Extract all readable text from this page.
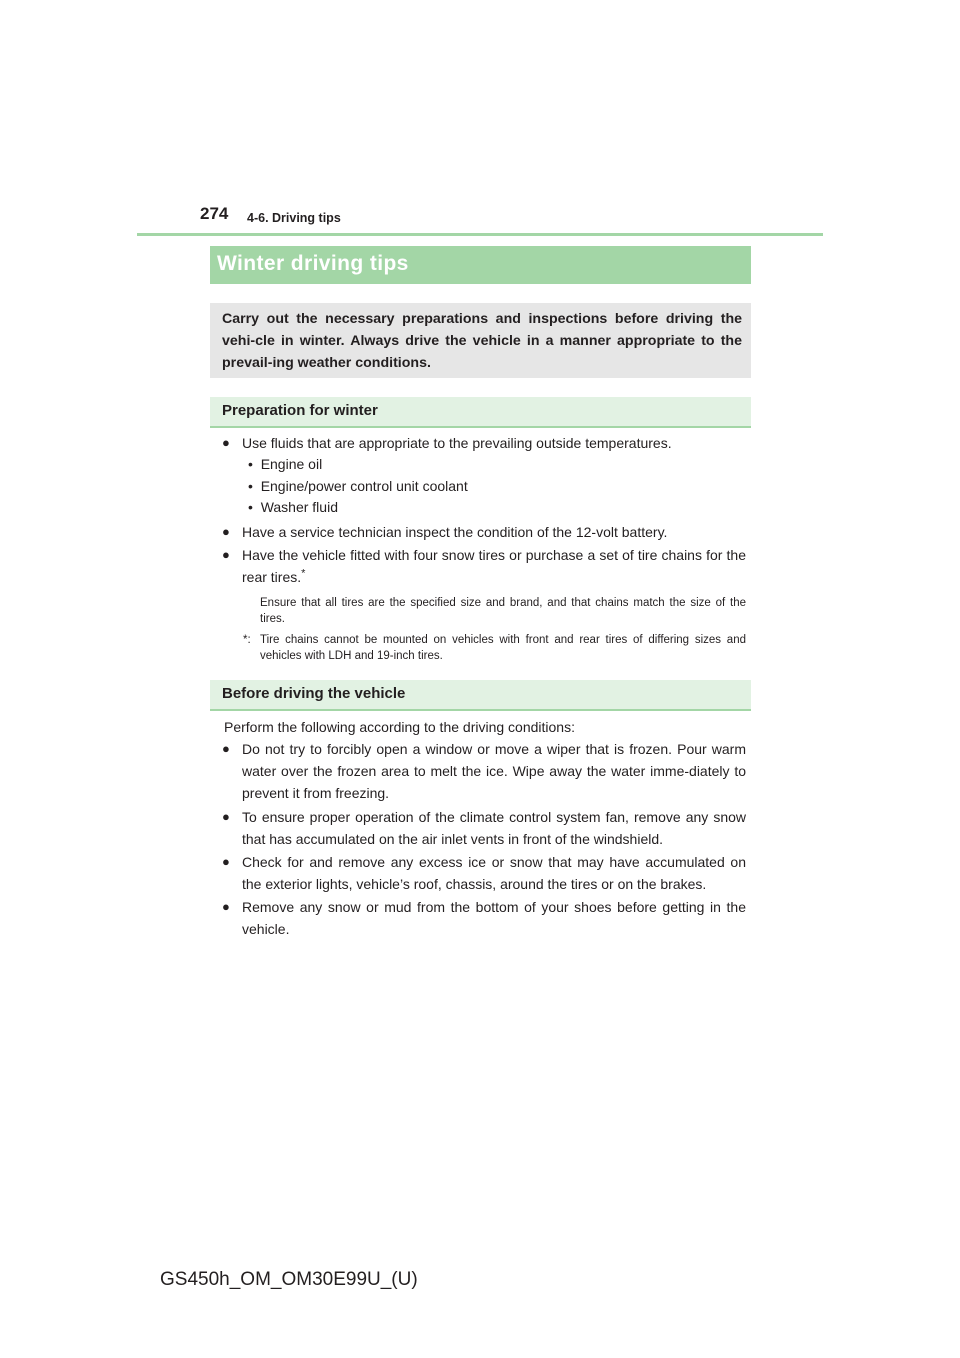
274 4-6. Driving tips
Winter driving tips

Carry out the necessary preparations and inspections before driving the vehi-cle in winter. Always drive the vehicle in a manner appropriate to the prevail-ing weather conditions.

Preparation for winter
● Use fluids that are appropriate to the prevailing outside temperatures.
• Engine oil
• Engine/power control unit coolant
• Washer fluid
● Have a service technician inspect the condition of the 12-volt battery.
● Have the vehicle fitted with four snow tires or purchase a set of tire chains for the rear tires.*
Ensure that all tires are the specified size and brand, and that chains match the size of the tires.
*: Tire chains cannot be mounted on vehicles with front and rear tires of differing sizes and vehicles with LDH and 19-inch tires.
Before driving the vehicle
Perform the following according to the driving conditions:
● Do not try to forcibly open a window or move a wiper that is frozen. Pour warm water over the frozen area to melt the ice. Wipe away the water imme-diately to prevent it from freezing.
● To ensure proper operation of the climate control system fan, remove any snow that has accumulated on the air inlet vents in front of the windshield.
● Check for and remove any excess ice or snow that may have accumulated on the exterior lights, vehicle’s roof, chassis, around the tires or on the brakes.
● Remove any snow or mud from the bottom of your shoes before getting in the vehicle.
GS450h_OM_OM30E99U_(U)
